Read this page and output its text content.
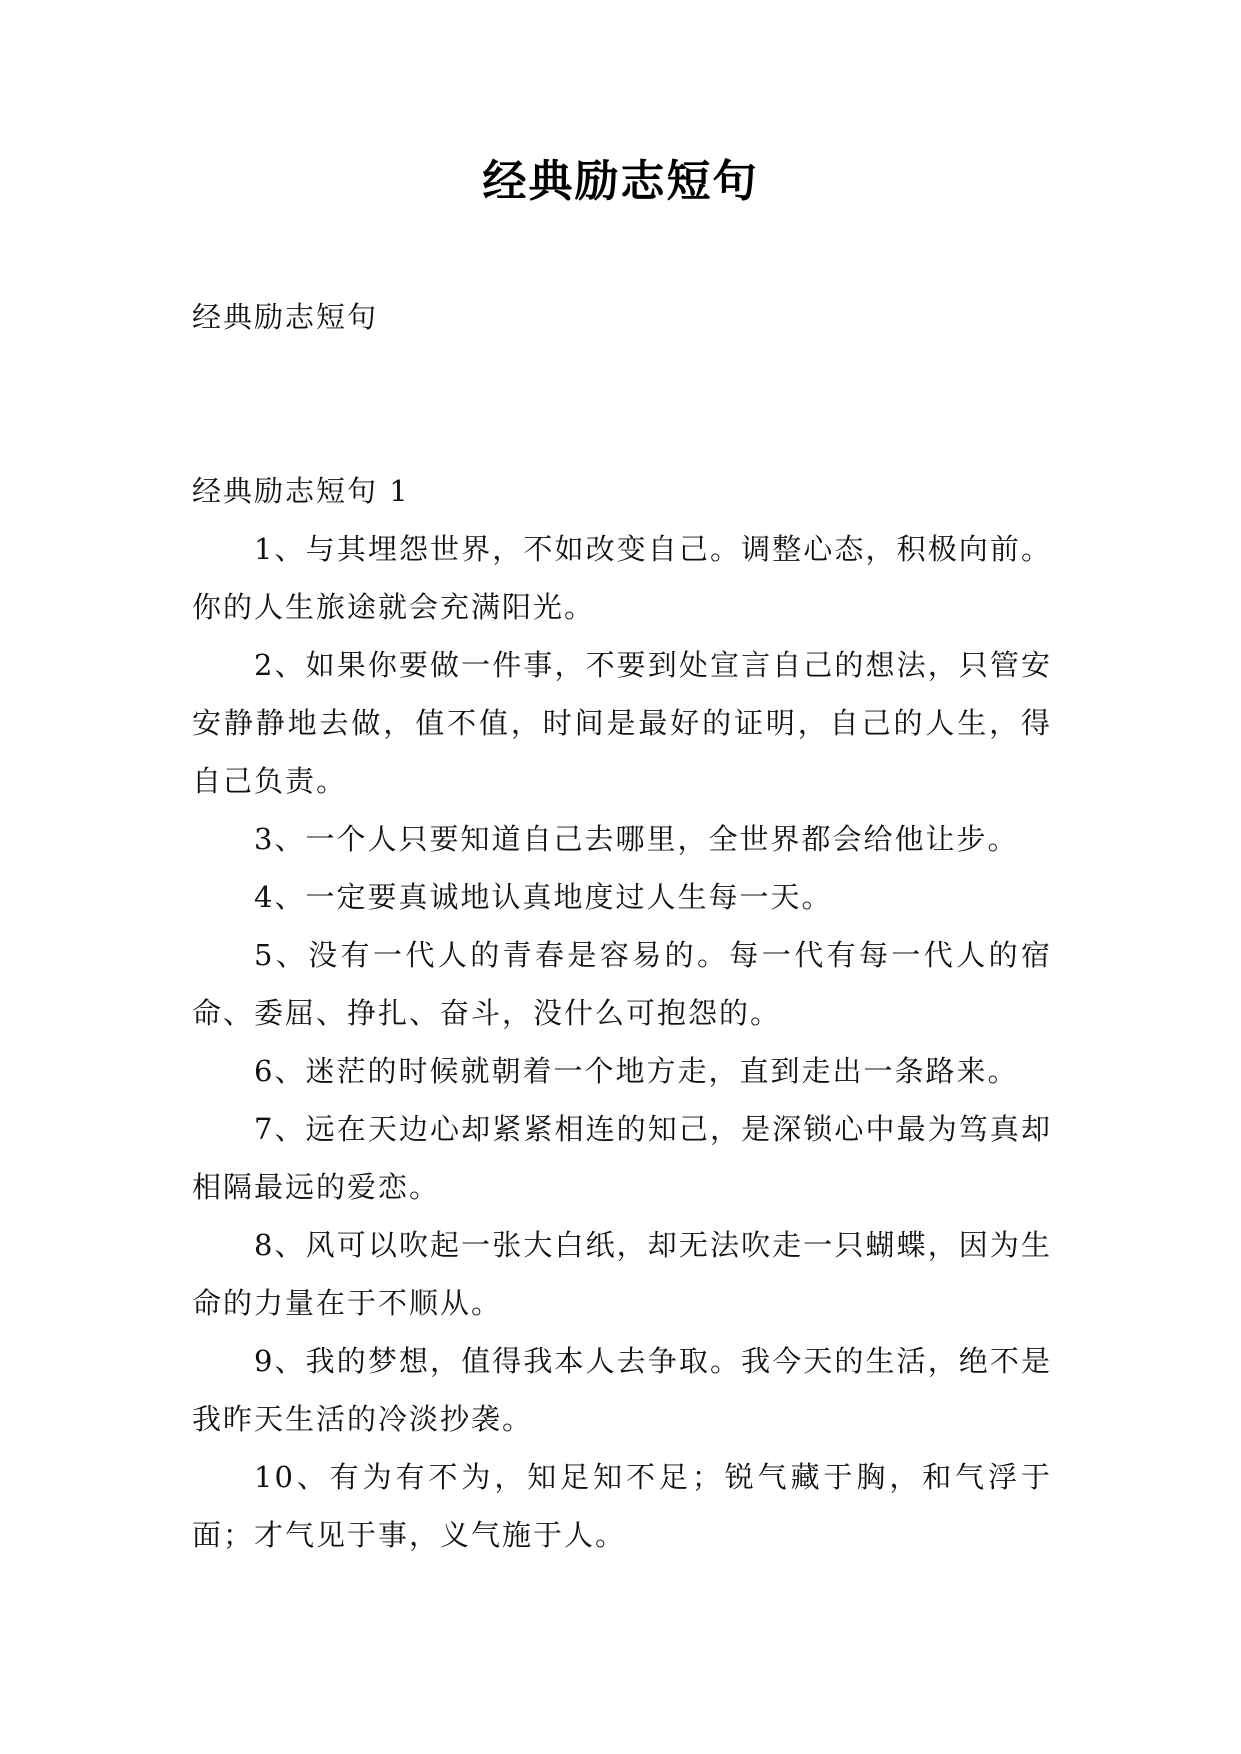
经典励志短句
经典励志短句
经典励志短句 1
1、与其埋怨世界，不如改变自己。调整心态，积极向前。你的人生旅途就会充满阳光。
2、如果你要做一件事，不要到处宣言自己的想法，只管安安静静地去做，值不值，时间是最好的证明，自己的人生，得自己负责。
3、一个人只要知道自己去哪里，全世界都会给他让步。
4、一定要真诚地认真地度过人生每一天。
5、没有一代人的青春是容易的。每一代有每一代人的宿命、委屈、挣扎、奋斗，没什么可抱怨的。
6、迷茫的时候就朝着一个地方走，直到走出一条路来。
7、远在天边心却紧紧相连的知己，是深锁心中最为笃真却相隔最远的爱恋。
8、风可以吹起一张大白纸，却无法吹走一只蝴蝶，因为生命的力量在于不顺从。
9、我的梦想，值得我本人去争取。我今天的生活，绝不是我昨天生活的冷淡抄袭。
10、有为有不为，知足知不足；锐气藏于胸，和气浮于面；才气见于事，义气施于人。
